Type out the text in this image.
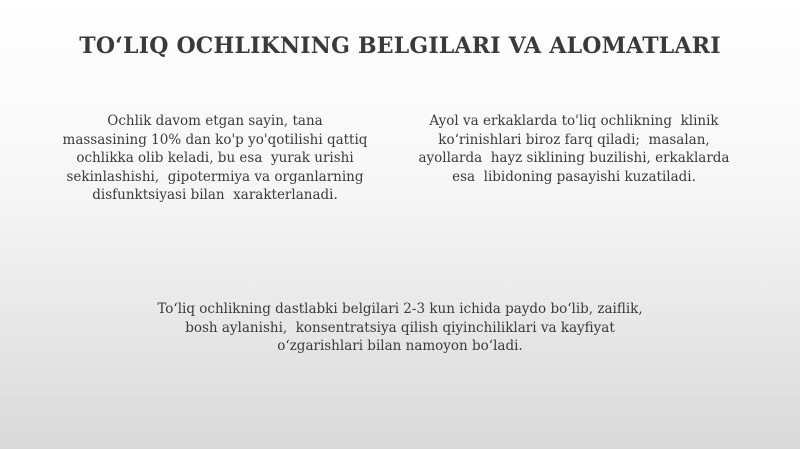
TO‘LIQ OCHLIKNING BELGILARI VA ALOMATLARI
Ochlik davom etgan sayin, tana
massasining 10% dan ko'p yo'qotilishi qattiq
ochlikka olib keladi, bu esa  yurak urishi
sekinlashishi,  gipotermiya va organlarning
disfunktsiyasi bilan  xarakterlanadi.
Ayol va erkaklarda to'liq ochlikning  klinik
ko‘rinishlari biroz farq qiladi;  masalan,
ayollarda  hayz siklining buzilishi, erkaklarda
esa  libidoning pasayishi kuzatiladi.
To‘liq ochlikning dastlabki belgilari 2-3 kun ichida paydo bo‘lib, zaiflik,
bosh aylanishi,  konsentratsiya qilish qiyinchiliklari va kayfiyat
o‘zgarishlari bilan namoyon bo‘ladi.
